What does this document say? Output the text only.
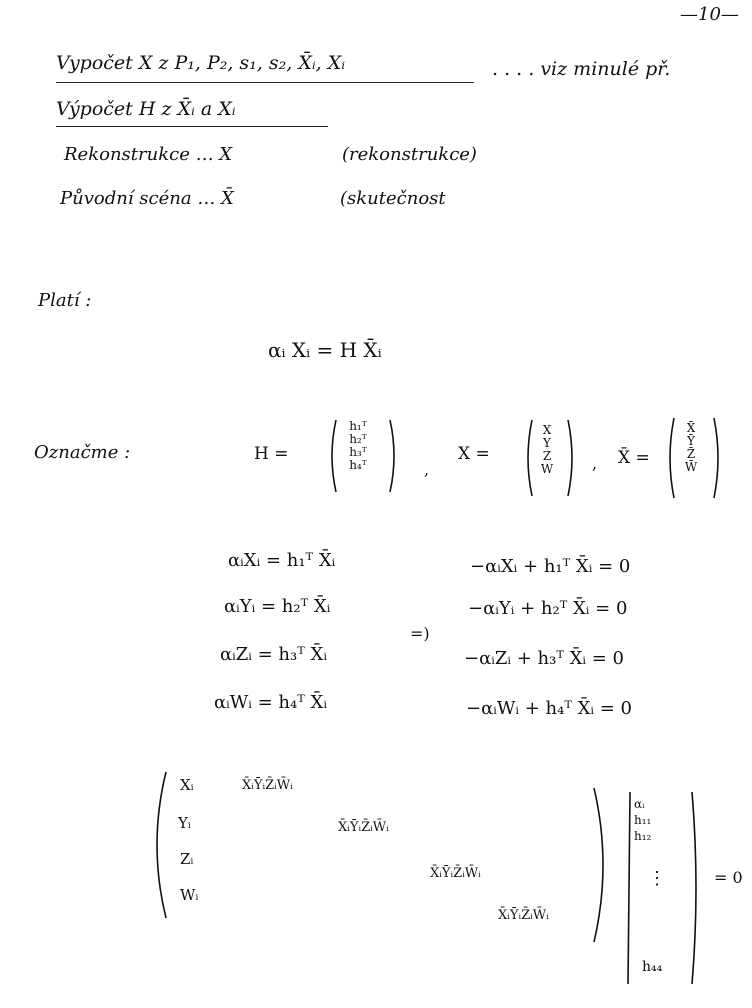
—10—
Vypočet X z P₁, P₂, s₁, s₂, X̄ᵢ, Xᵢ	. . . . viz minulé př.
Výpočet H z X̄ᵢ a Xᵢ
Rekonstrukce … X	(rekonstrukce)
Původní scéna … X̄	(skutečnost
Platí :
αᵢ Xᵢ = H X̄ᵢ
Označme :	H =
h₁ᵀ
h₂ᵀ
h₃ᵀ
h₄ᵀ	,
X =
X
Y
Z
W	, X̄ =
X̄
Ȳ
Z̄
W̄
αᵢXᵢ = h₁ᵀ X̄ᵢ
αᵢYᵢ = h₂ᵀ X̄ᵢ
αᵢZᵢ = h₃ᵀ X̄ᵢ
αᵢWᵢ = h₄ᵀ X̄ᵢ
=)
−αᵢXᵢ + h₁ᵀ X̄ᵢ = 0
−αᵢYᵢ + h₂ᵀ X̄ᵢ = 0
−αᵢZᵢ + h₃ᵀ X̄ᵢ = 0
−αᵢWᵢ + h₄ᵀ X̄ᵢ = 0
Xᵢ
Yᵢ
Zᵢ
Wᵢ
X̄ᵢȲᵢZ̄ᵢW̄ᵢ
X̄ᵢȲᵢZ̄ᵢW̄ᵢ
X̄ᵢȲᵢZ̄ᵢW̄ᵢ
X̄ᵢȲᵢZ̄ᵢW̄ᵢ
αᵢ
h₁₁
h₁₂
⋮
h₄₄
= 0
